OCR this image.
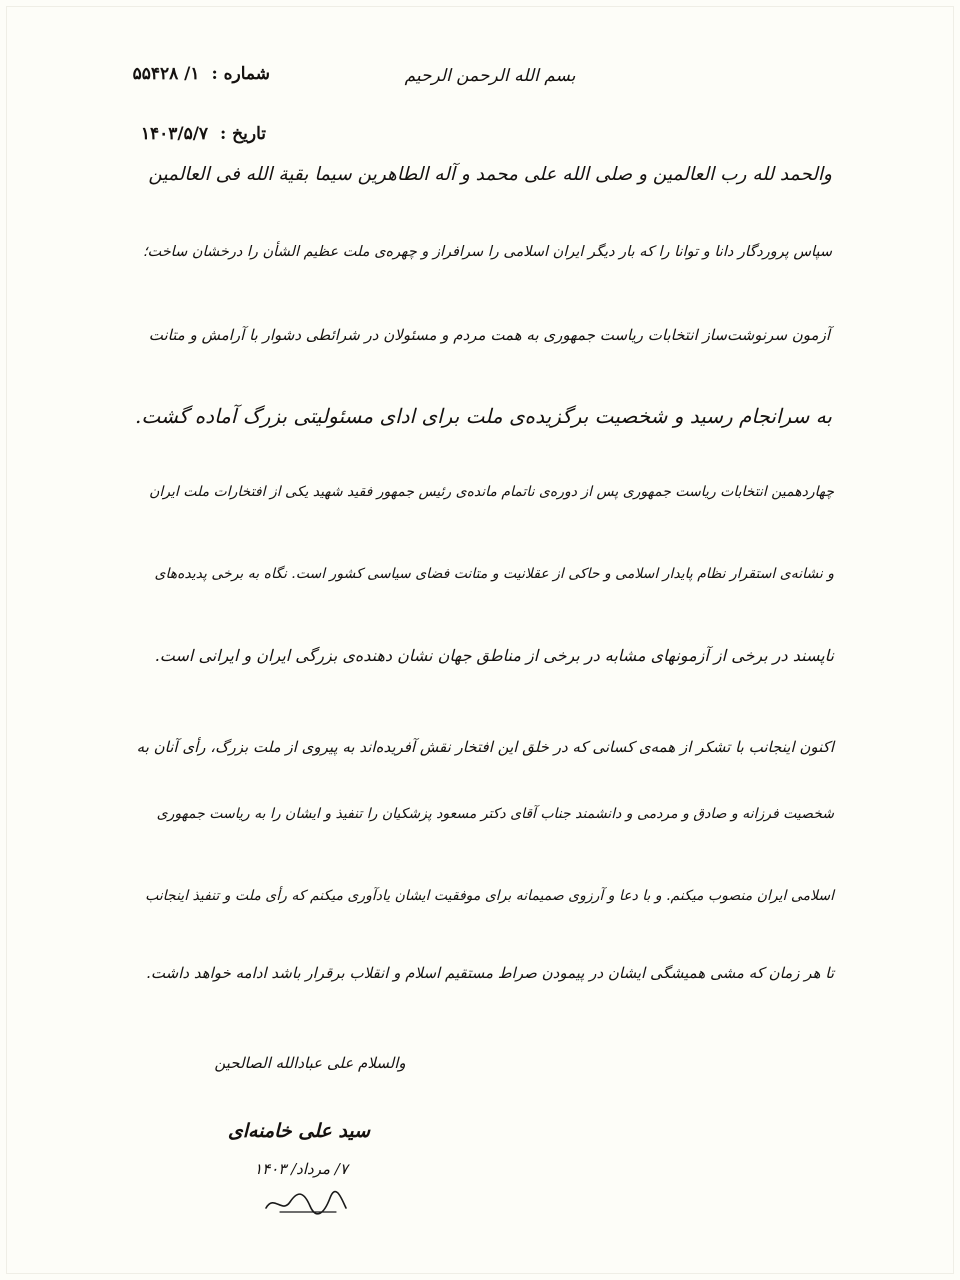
بسم الله الرحمن الرحیم
شماره : ۱/ ۵۵۴۲۸
تاریخ : ۱۴۰۳/۵/۷
والحمد لله رب العالمین و صلی الله علی محمد و آله الطاهرین سیما بقیة الله فی العالمین
سپاس پروردگار دانا و توانا را که بار دیگر ایران اسلامی را سرافراز و چهره‌ی ملت عظیم الشأن را درخشان ساخت؛
آزمون سرنوشت‌ساز انتخابات ریاست جمهوری به همت مردم و مسئولان در شرائطی دشوار با آرامش و متانت
به سرانجام رسید و شخصیت برگزیده‌ی ملت برای ادای مسئولیتی بزرگ آماده گشت.
چهاردهمین انتخابات ریاست جمهوری پس از دوره‌ی ناتمام مانده‌ی رئیس جمهور فقید شهید یکی از افتخارات ملت ایران
و نشانه‌ی استقرار نظام پایدار اسلامی و حاکی از عقلانیت و متانت فضای سیاسی کشور است. نگاه به برخی پدیده‌های
ناپسند در برخی از آزمونهای مشابه در برخی از مناطق جهان نشان دهنده‌ی بزرگی ایران و ایرانی است.
اکنون اینجانب با تشکر از همه‌ی کسانی که در خلق این افتخار نقش آفریده‌اند به پیروی از ملت بزرگ، رأی آنان به
شخصیت فرزانه و صادق و مردمی و دانشمند جناب آقای دکتر مسعود پزشکیان را تنفیذ و ایشان را به ریاست جمهوری
اسلامی ایران منصوب میکنم. و با دعا و آرزوی صمیمانه برای موفقیت ایشان یادآوری میکنم که رأی ملت و تنفیذ اینجانب
تا هر زمان که مشی همیشگی ایشان در پیمودن صراط مستقیم اسلام و انقلاب برقرار باشد ادامه خواهد داشت.
والسلام علی عبادالله الصالحین
سید علی خامنه‌ای
۷/ مرداد/ ۱۴۰۳
